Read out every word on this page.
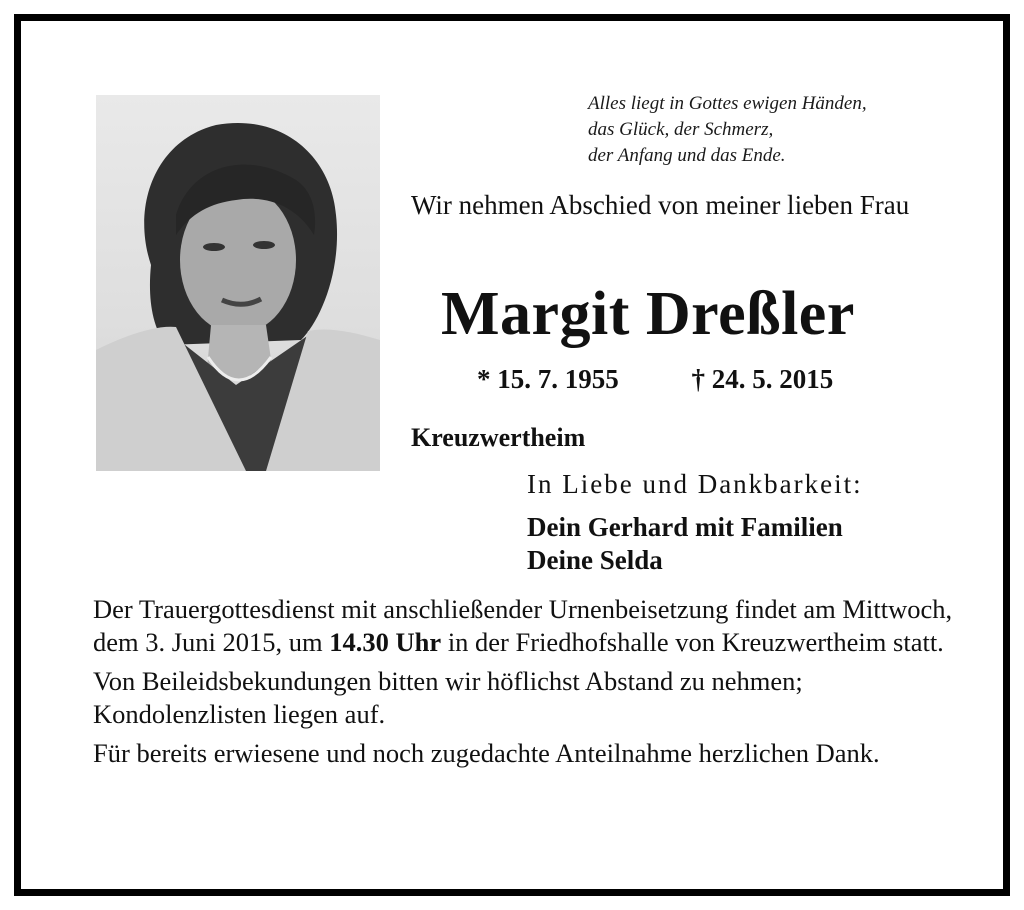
Alles liegt in Gottes ewigen Händen,
das Glück, der Schmerz,
der Anfang und das Ende.
Wir nehmen Abschied von meiner lieben Frau
Margit Dreßler
* 15. 7. 1955	† 24. 5. 2015
Kreuzwertheim
In Liebe und Dankbarkeit:
Dein Gerhard mit Familien
Deine Selda

Der Trauergottesdienst mit anschließender Urnenbeisetzung findet am Mittwoch, dem 3. Juni 2015, um 14.30 Uhr in der Friedhofshalle von Kreuzwertheim statt.

Von Beileidsbekundungen bitten wir höflichst Abstand zu nehmen; Kondolenzlisten liegen auf.

Für bereits erwiesene und noch zugedachte Anteilnahme herzlichen Dank.
